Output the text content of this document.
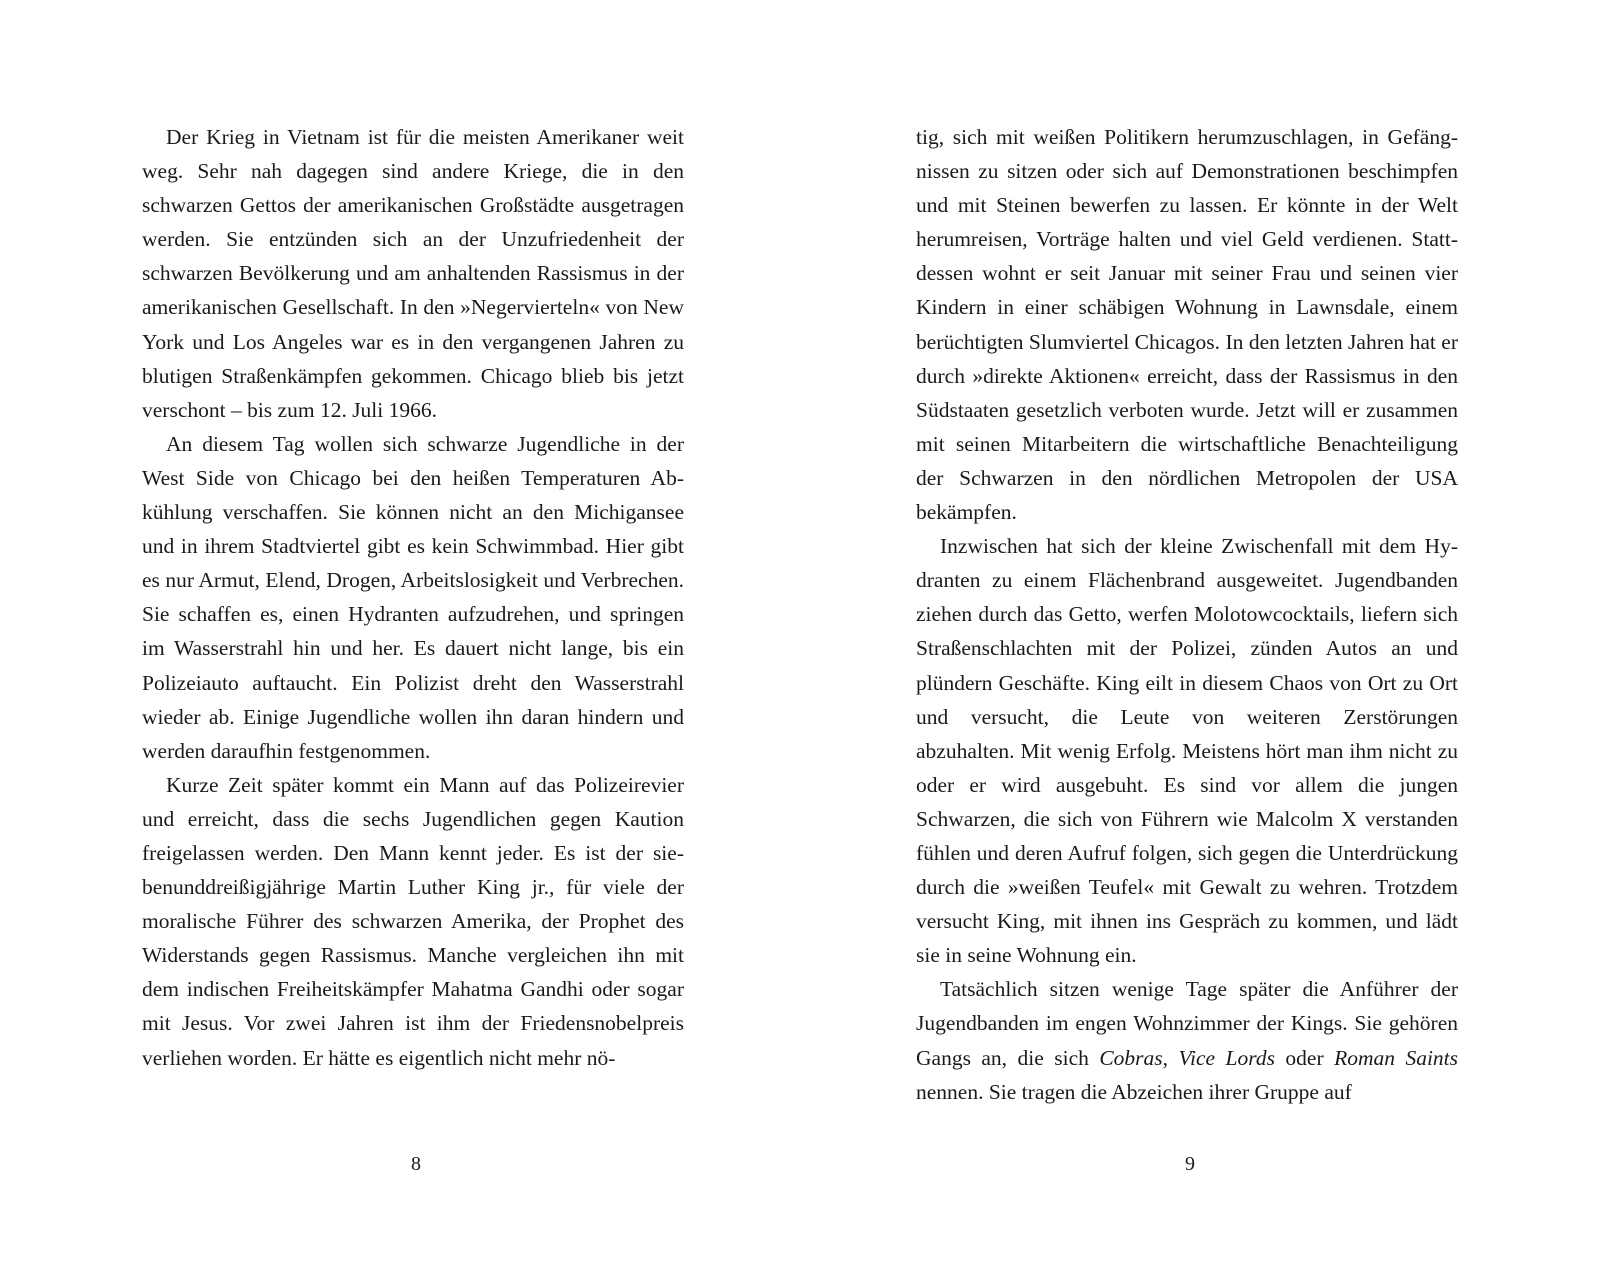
Der Krieg in Vietnam ist für die meisten Amerikaner weit weg. Sehr nah dagegen sind andere Kriege, die in den schwarzen Gettos der amerikanischen Großstädte ausgetragen werden. Sie entzünden sich an der Unzufriedenheit der schwarzen Bevölkerung und am anhaltenden Rassismus in der amerikanischen Gesellschaft. In den »Negervierteln« von New York und Los Angeles war es in den vergangenen Jahren zu blutigen Straßenkämpfen gekommen. Chicago blieb bis jetzt verschont – bis zum 12. Juli 1966.

An diesem Tag wollen sich schwarze Jugendliche in der West Side von Chicago bei den heißen Temperaturen Abkühlung verschaffen. Sie können nicht an den Michigansee und in ihrem Stadtviertel gibt es kein Schwimmbad. Hier gibt es nur Armut, Elend, Drogen, Arbeitslosigkeit und Verbrechen. Sie schaffen es, einen Hydranten aufzudrehen, und springen im Wasserstrahl hin und her. Es dauert nicht lange, bis ein Polizeiauto auftaucht. Ein Polizist dreht den Wasserstrahl wieder ab. Einige Jugendliche wollen ihn daran hindern und werden daraufhin festgenommen.

Kurze Zeit später kommt ein Mann auf das Polizeirevier und erreicht, dass die sechs Jugendlichen gegen Kaution freigelassen werden. Den Mann kennt jeder. Es ist der siebenunddreißigjährige Martin Luther King jr., für viele der moralische Führer des schwarzen Amerika, der Prophet des Widerstands gegen Rassismus. Manche vergleichen ihn mit dem indischen Freiheitskämpfer Mahatma Gandhi oder sogar mit Jesus. Vor zwei Jahren ist ihm der Friedensnobelpreis verliehen worden. Er hätte es eigentlich nicht mehr nö-

8

tig, sich mit weißen Politikern herumzuschlagen, in Gefängnissen zu sitzen oder sich auf Demonstrationen beschimpfen und mit Steinen bewerfen zu lassen. Er könnte in der Welt herumreisen, Vorträge halten und viel Geld verdienen. Stattdessen wohnt er seit Januar mit seiner Frau und seinen vier Kindern in einer schäbigen Wohnung in Lawnsdale, einem berüchtigten Slumviertel Chicagos. In den letzten Jahren hat er durch »direkte Aktionen« erreicht, dass der Rassismus in den Südstaaten gesetzlich verboten wurde. Jetzt will er zusammen mit seinen Mitarbeitern die wirtschaftliche Benachteiligung der Schwarzen in den nördlichen Metropolen der USA bekämpfen.

Inzwischen hat sich der kleine Zwischenfall mit dem Hydranten zu einem Flächenbrand ausgeweitet. Jugendbanden ziehen durch das Getto, werfen Molotowcocktails, liefern sich Straßenschlachten mit der Polizei, zünden Autos an und plündern Geschäfte. King eilt in diesem Chaos von Ort zu Ort und versucht, die Leute von weiteren Zerstörungen abzuhalten. Mit wenig Erfolg. Meistens hört man ihm nicht zu oder er wird ausgebuht. Es sind vor allem die jungen Schwarzen, die sich von Führern wie Malcolm X verstanden fühlen und deren Aufruf folgen, sich gegen die Unterdrückung durch die »weißen Teufel« mit Gewalt zu wehren. Trotzdem versucht King, mit ihnen ins Gespräch zu kommen, und lädt sie in seine Wohnung ein.

Tatsächlich sitzen wenige Tage später die Anführer der Jugendbanden im engen Wohnzimmer der Kings. Sie gehören Gangs an, die sich Cobras, Vice Lords oder Roman Saints nennen. Sie tragen die Abzeichen ihrer Gruppe auf

9
